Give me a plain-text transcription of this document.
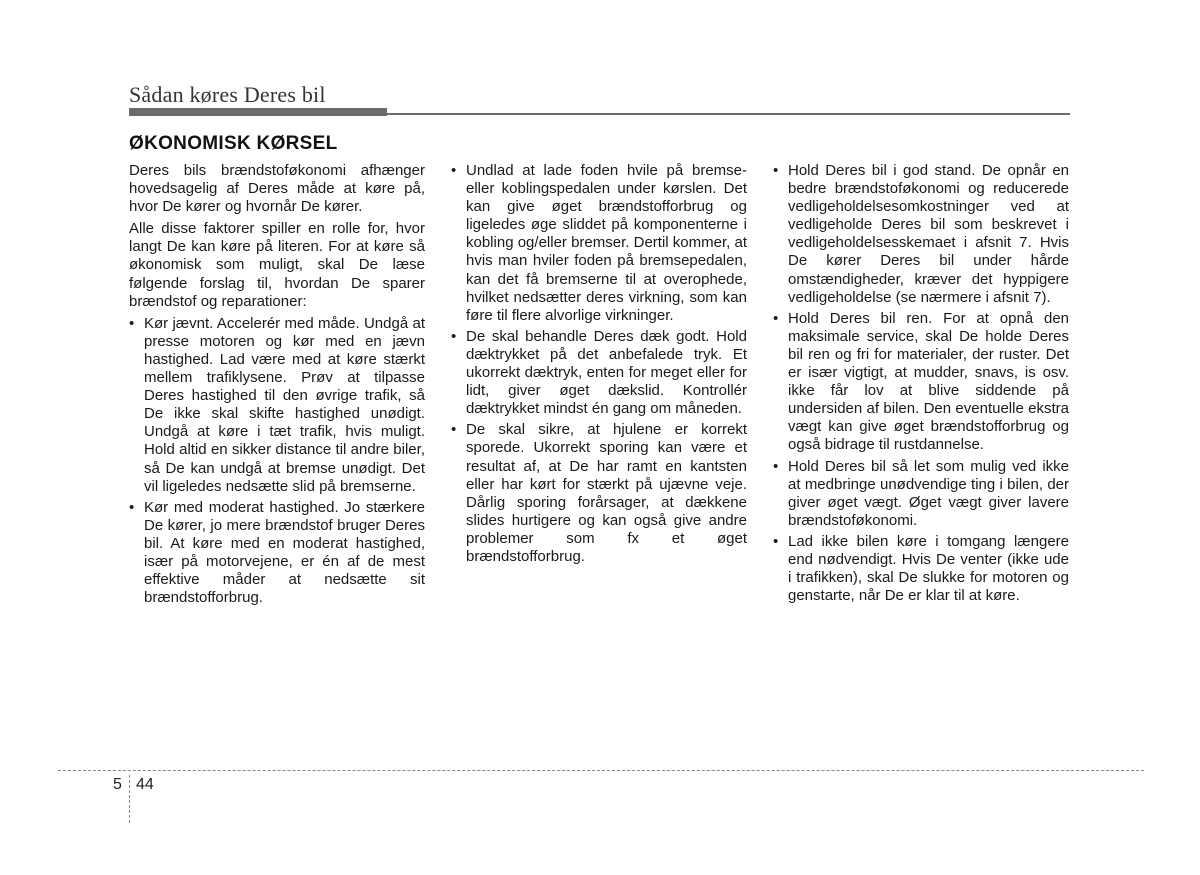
Sådan køres Deres bil
ØKONOMISK KØRSEL

Deres bils brændstoføkonomi afhænger hovedsagelig af Deres måde at køre på, hvor De kører og hvornår De kører.

Alle disse faktorer spiller en rolle for, hvor langt De kan køre på literen. For at køre så økonomisk som muligt, skal De læse følgende forslag til, hvordan De sparer brændstof og reparationer:

• Kør jævnt. Accelerér med måde. Undgå at presse motoren og kør med en jævn hastighed. Lad være med at køre stærkt mellem trafiklysene. Prøv at tilpasse Deres hastighed til den øvrige trafik, så De ikke skal skifte hastighed unødigt. Undgå at køre i tæt trafik, hvis muligt. Hold altid en sikker distance til andre biler, så De kan undgå at bremse unødigt. Det vil ligeledes nedsætte slid på bremserne.
• Kør med moderat hastighed. Jo stærkere De kører, jo mere brændstof bruger Deres bil. At køre med en moderat hastighed, især på motorvejene, er én af de mest effektive måder at nedsætte sit brændstofforbrug.
• Undlad at lade foden hvile på bremse- eller koblingspedalen under kørslen. Det kan give øget brændstofforbrug og ligeledes øge sliddet på komponenterne i kobling og/eller bremser. Dertil kommer, at hvis man hviler foden på bremsepedalen, kan det få bremserne til at overophede, hvilket nedsætter deres virkning, som kan føre til flere alvorlige virkninger.
• De skal behandle Deres dæk godt. Hold dæktrykket på det anbefalede tryk. Et ukorrekt dæktryk, enten for meget eller for lidt, giver øget dækslid. Kontrollér dæktrykket mindst én gang om måneden.
• De skal sikre, at hjulene er korrekt sporede. Ukorrekt sporing kan være et resultat af, at De har ramt en kantsten eller har kørt for stærkt på ujævne veje. Dårlig sporing forårsager, at dækkene slides hurtigere og kan også give andre problemer som fx et øget brændstofforbrug.
• Hold Deres bil i god stand. De opnår en bedre brændstoføkonomi og reducerede vedligeholdelsesomkostninger ved at vedligeholde Deres bil som beskrevet i vedligeholdelsesskemaet i afsnit 7. Hvis De kører Deres bil under hårde omstændigheder, kræver det hyppigere vedligeholdelse (se nærmere i afsnit 7).
• Hold Deres bil ren. For at opnå den maksimale service, skal De holde Deres bil ren og fri for materialer, der ruster. Det er især vigtigt, at mudder, snavs, is osv. ikke får lov at blive siddende på undersiden af bilen. Den eventuelle ekstra vægt kan give øget brændstofforbrug og også bidrage til rustdannelse.
• Hold Deres bil så let som mulig ved ikke at medbringe unødvendige ting i bilen, der giver øget vægt. Øget vægt giver lavere brændstoføkonomi.
• Lad ikke bilen køre i tomgang længere end nødvendigt. Hvis De venter (ikke ude i trafikken), skal De slukke for motoren og genstarte, når De er klar til at køre.
5 44
